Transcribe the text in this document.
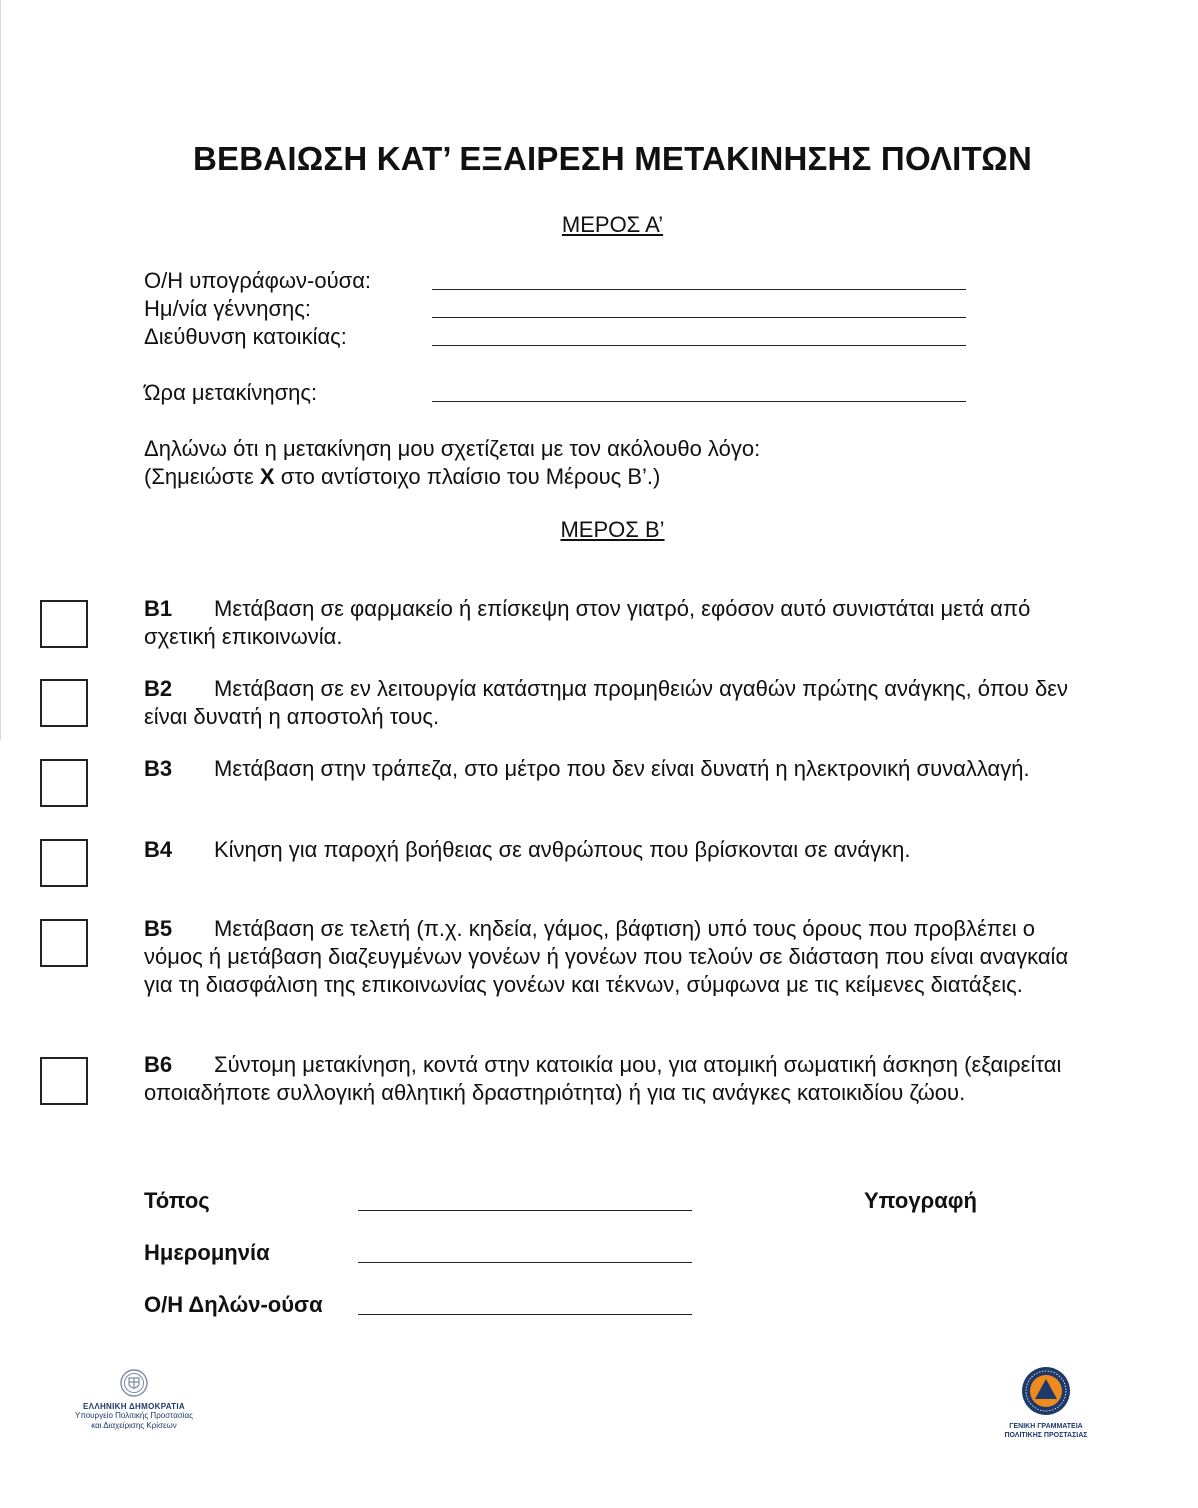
ΒΕΒΑΙΩΣΗ ΚΑΤ’ ΕΞΑΙΡΕΣΗ ΜΕΤΑΚΙΝΗΣΗΣ ΠΟΛΙΤΩΝ
ΜΕΡΟΣ Α’
Ο/Η υπογράφων-ούσα:
Ημ/νία γέννησης:
Διεύθυνση κατοικίας:
Ώρα μετακίνησης:
Δηλώνω ότι η μετακίνηση μου σχετίζεται με τον ακόλουθο λόγο:
(Σημειώστε Χ στο αντίστοιχο πλαίσιο του Μέρους Β’.)
ΜΕΡΟΣ Β’
Β1 Μετάβαση σε φαρμακείο ή επίσκεψη στον γιατρό, εφόσον αυτό συνιστάται μετά από σχετική επικοινωνία.
Β2 Μετάβαση σε εν λειτουργία κατάστημα προμηθειών αγαθών πρώτης ανάγκης, όπου δεν είναι δυνατή η αποστολή τους.
Β3 Μετάβαση στην τράπεζα, στο μέτρο που δεν είναι δυνατή η ηλεκτρονική συναλλαγή.
Β4 Κίνηση για παροχή βοήθειας σε ανθρώπους που βρίσκονται σε ανάγκη.
Β5 Μετάβαση σε τελετή (π.χ. κηδεία, γάμος, βάφτιση) υπό τους όρους που προβλέπει ο νόμος ή μετάβαση διαζευγμένων γονέων ή γονέων που τελούν σε διάσταση που είναι αναγκαία για τη διασφάλιση της επικοινωνίας γονέων και τέκνων, σύμφωνα με τις κείμενες διατάξεις.
Β6 Σύντομη μετακίνηση, κοντά στην κατοικία μου, για ατομική σωματική άσκηση (εξαιρείται οποιαδήποτε συλλογική αθλητική δραστηριότητα) ή για τις ανάγκες κατοικιδίου ζώου.
Τόπος
Ημερομηνία
Ο/Η Δηλών-ούσα
Υπογραφή
ΕΛΛΗΝΙΚΗ ΔΗΜΟΚΡΑΤΙΑ
Υπουργείο Πολιτικής Προστασίας
και Διαχείρισης Κρίσεων	ΓΕΝΙΚΗ ΓΡΑΜΜΑΤΕΙΑ
ΠΟΛΙΤΙΚΗΣ ΠΡΟΣΤΑΣΙΑΣ
